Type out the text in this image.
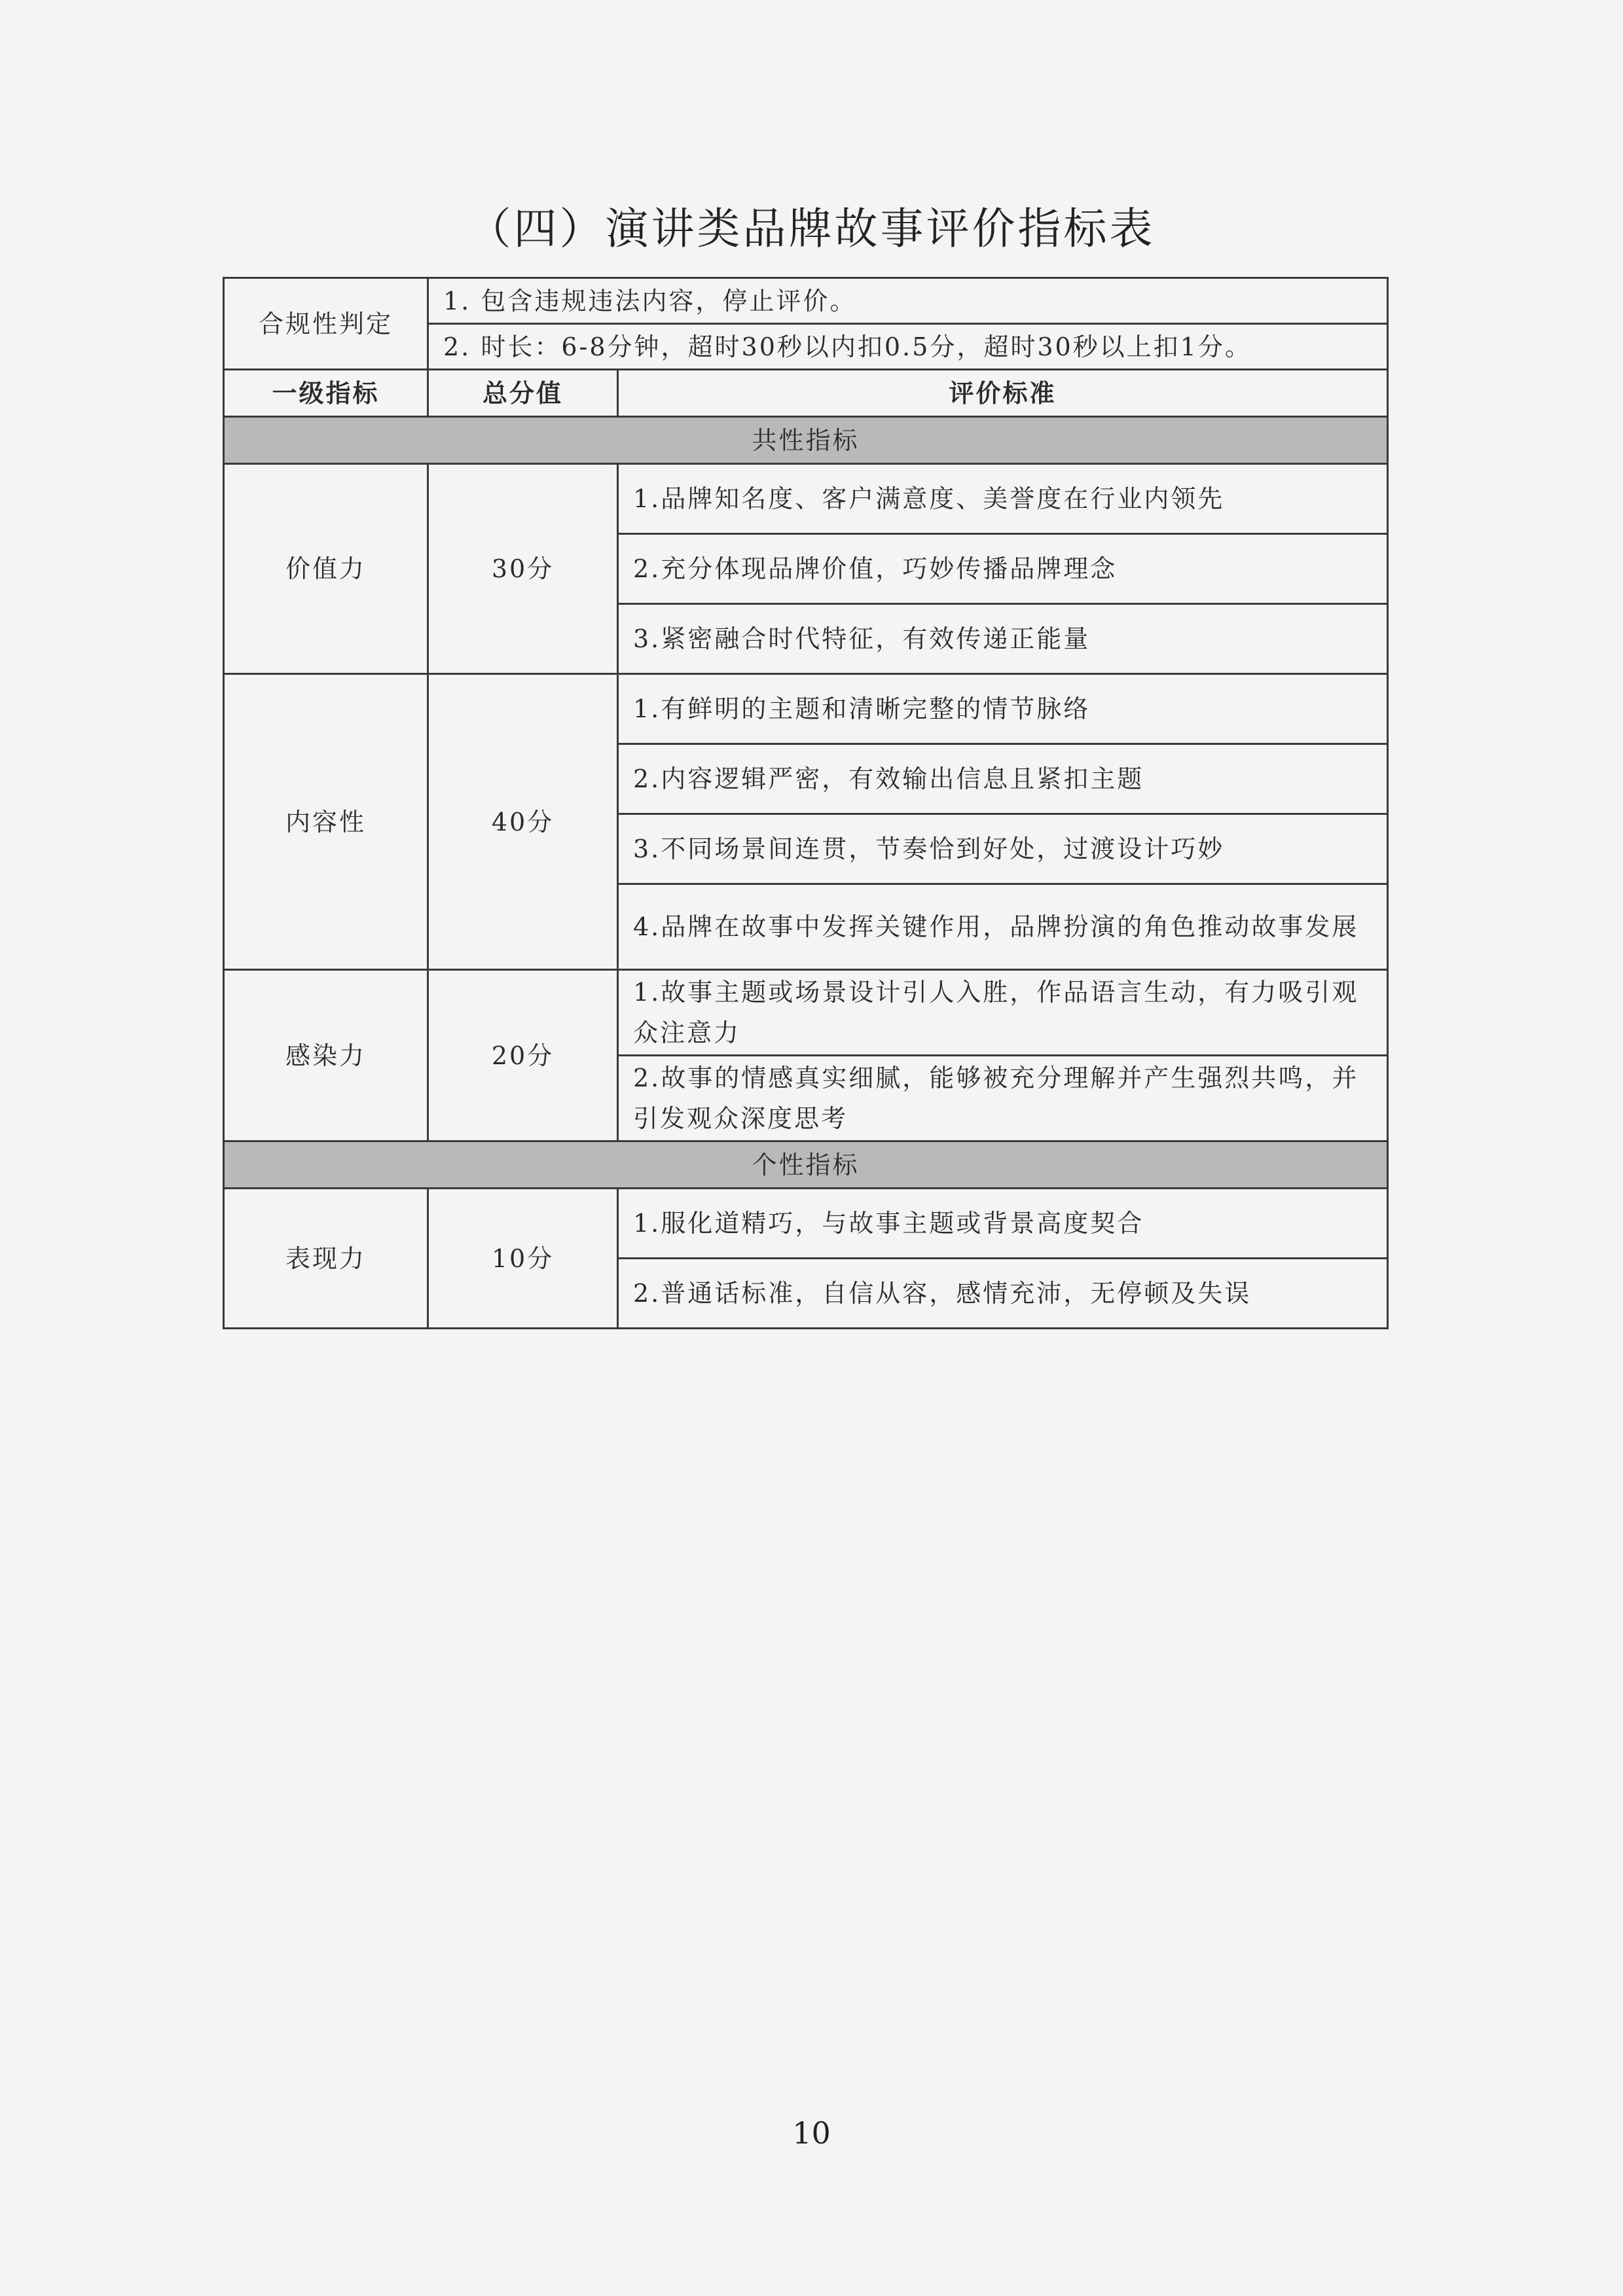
（四）演讲类品牌故事评价指标表
合规性判定	1. 包含违规违法内容，停止评价。	
	2. 时长：6-8分钟，超时30秒以内扣0.5分，超时30秒以上扣1分。	
一级指标	总分值	评价标准
共性指标		
价值力	30分	1.品牌知名度、客户满意度、美誉度在行业内领先
		2.充分体现品牌价值，巧妙传播品牌理念
		3.紧密融合时代特征，有效传递正能量
内容性	40分	1.有鲜明的主题和清晰完整的情节脉络
		2.内容逻辑严密，有效输出信息且紧扣主题
		3.不同场景间连贯，节奏恰到好处，过渡设计巧妙
		4.品牌在故事中发挥关键作用，品牌扮演的角色推动故事发展
感染力	20分	1.故事主题或场景设计引人入胜，作品语言生动，有力吸引观众注意力
		2.故事的情感真实细腻，能够被充分理解并产生强烈共鸣，并引发观众深度思考
个性指标		
表现力	10分	1.服化道精巧，与故事主题或背景高度契合
		2.普通话标准，自信从容，感情充沛，无停顿及失误
10
